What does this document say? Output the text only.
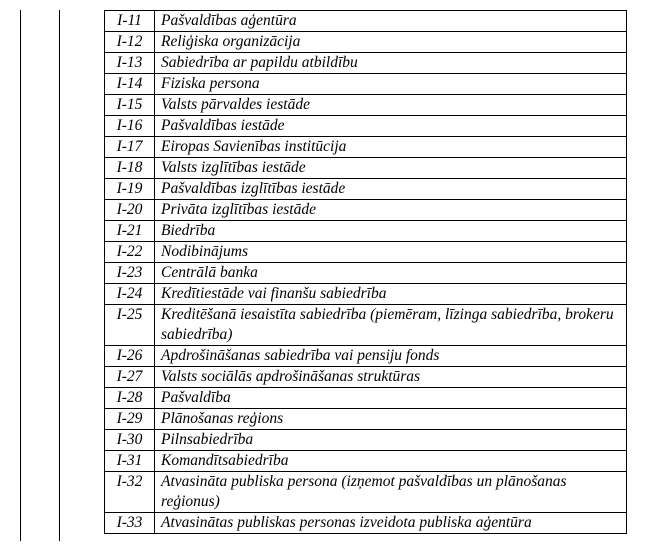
I-11	Pašvaldības aģentūra
I-12	Reliģiska organizācija
I-13	Sabiedrība ar papildu atbildību
I-14	Fiziska persona
I-15	Valsts pārvaldes iestāde
I-16	Pašvaldības iestāde
I-17	Eiropas Savienības institūcija
I-18	Valsts izglītības iestāde
I-19	Pašvaldības izglītības iestāde
I-20	Privāta izglītības iestāde
I-21	Biedrība
I-22	Nodibinājums
I-23	Centrālā banka
I-24	Kredītiestāde vai finanšu sabiedrība
I-25	Kreditēšanā iesaistīta sabiedrība (piemēram, līzinga sabiedrība, brokeru sabiedrība)
I-26	Apdrošināšanas sabiedrība vai pensiju fonds
I-27	Valsts sociālās apdrošināšanas struktūras
I-28	Pašvaldība
I-29	Plānošanas reģions
I-30	Pilnsabiedrība
I-31	Komandītsabiedrība
I-32	Atvasināta publiska persona (izņemot pašvaldības un plānošanas reģionus)
I-33	Atvasinātas publiskas personas izveidota publiska aģentūra
